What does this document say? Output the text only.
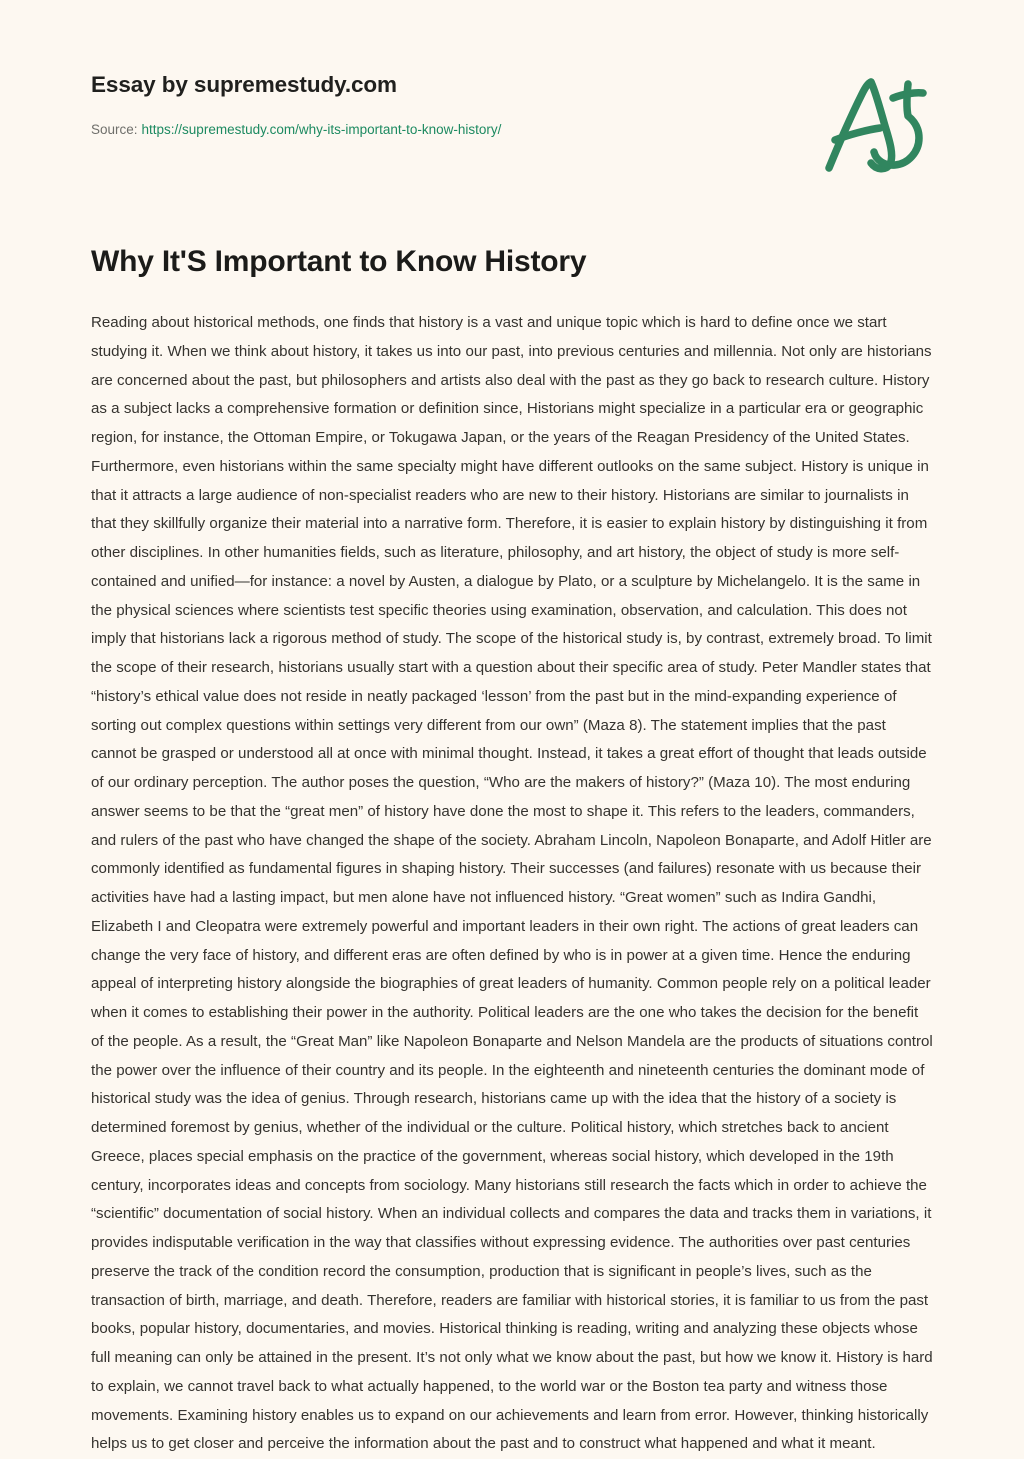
Essay by supremestudy.com
Source: https://supremestudy.com/why-its-important-to-know-history/
Why It'S Important to Know History

Reading about historical methods, one finds that history is a vast and unique topic which is hard to define once we start studying it. When we think about history, it takes us into our past, into previous centuries and millennia. Not only are historians are concerned about the past, but philosophers and artists also deal with the past as they go back to research culture. History as a subject lacks a comprehensive formation or definition since, Historians might specialize in a particular era or geographic region, for instance, the Ottoman Empire, or Tokugawa Japan, or the years of the Reagan Presidency of the United States. Furthermore, even historians within the same specialty might have different outlooks on the same subject. History is unique in that it attracts a large audience of non-specialist readers who are new to their history. Historians are similar to journalists in that they skillfully organize their material into a narrative form. Therefore, it is easier to explain history by distinguishing it from other disciplines. In other humanities fields, such as literature, philosophy, and art history, the object of study is more self-contained and unified—for instance: a novel by Austen, a dialogue by Plato, or a sculpture by Michelangelo. It is the same in the physical sciences where scientists test specific theories using examination, observation, and calculation. This does not imply that historians lack a rigorous method of study. The scope of the historical study is, by contrast, extremely broad. To limit the scope of their research, historians usually start with a question about their specific area of study. Peter Mandler states that “history’s ethical value does not reside in neatly packaged ‘lesson’ from the past but in the mind-expanding experience of sorting out complex questions within settings very different from our own” (Maza 8). The statement implies that the past cannot be grasped or understood all at once with minimal thought. Instead, it takes a great effort of thought that leads outside of our ordinary perception. The author poses the question, “Who are the makers of history?” (Maza 10). The most enduring answer seems to be that the “great men” of history have done the most to shape it. This refers to the leaders, commanders, and rulers of the past who have changed the shape of the society. Abraham Lincoln, Napoleon Bonaparte, and Adolf Hitler are commonly identified as fundamental figures in shaping history. Their successes (and failures) resonate with us because their activities have had a lasting impact, but men alone have not influenced history. “Great women” such as Indira Gandhi, Elizabeth I and Cleopatra were extremely powerful and important leaders in their own right. The actions of great leaders can change the very face of history, and different eras are often defined by who is in power at a given time. Hence the enduring appeal of interpreting history alongside the biographies of great leaders of humanity. Common people rely on a political leader when it comes to establishing their power in the authority. Political leaders are the one who takes the decision for the benefit of the people. As a result, the “Great Man” like Napoleon Bonaparte and Nelson Mandela are the products of situations control the power over the influence of their country and its people. In the eighteenth and nineteenth centuries the dominant mode of historical study was the idea of genius. Through research, historians came up with the idea that the history of a society is determined foremost by genius, whether of the individual or the culture. Political history, which stretches back to ancient Greece, places special emphasis on the practice of the government, whereas social history, which developed in the 19th century, incorporates ideas and concepts from sociology. Many historians still research the facts which in order to achieve the “scientific” documentation of social history. When an individual collects and compares the data and tracks them in variations, it provides indisputable verification in the way that classifies without expressing evidence. The authorities over past centuries preserve the track of the condition record the consumption, production that is significant in people’s lives, such as the transaction of birth, marriage, and death. Therefore, readers are familiar with historical stories, it is familiar to us from the past books, popular history, documentaries, and movies. Historical thinking is reading, writing and analyzing these objects whose full meaning can only be attained in the present. It’s not only what we know about the past, but how we know it. History is hard to explain, we cannot travel back to what actually happened, to the world war or the Boston tea party and witness those movements. Examining history enables us to expand on our achievements and learn from error. However, thinking historically helps us to get closer and perceive the information about the past and to construct what happened and what it meant.
